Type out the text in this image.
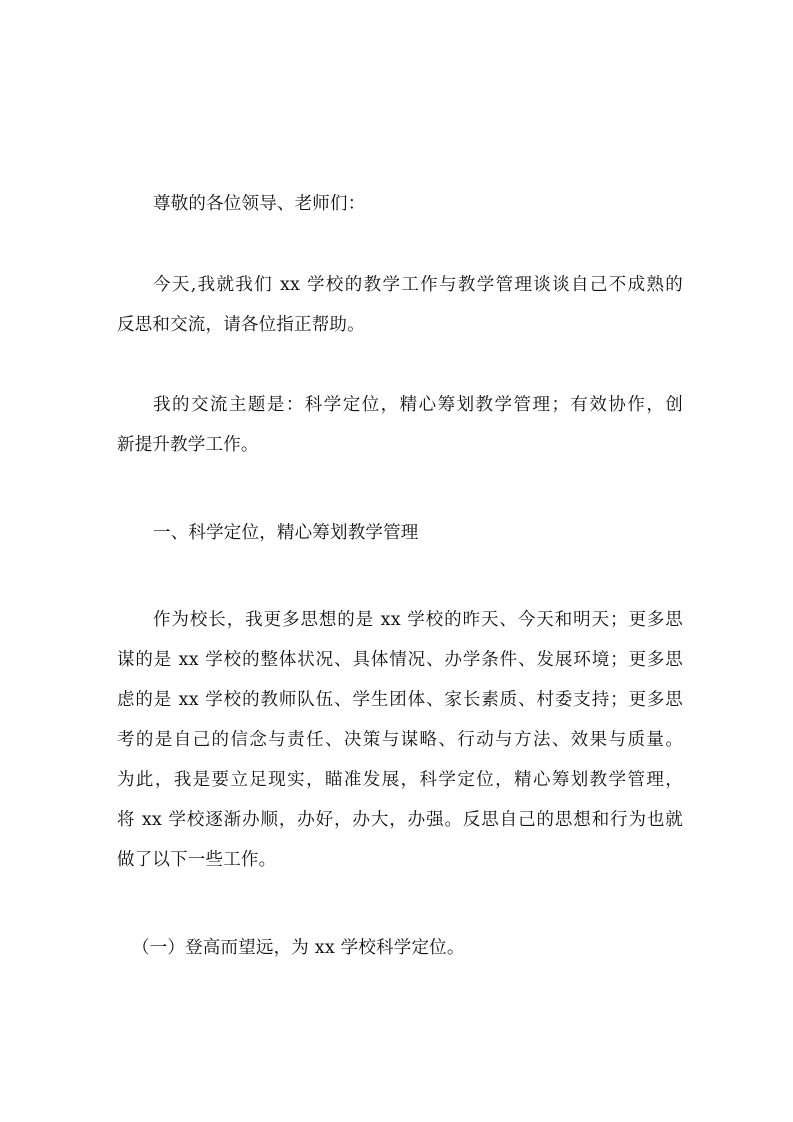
尊敬的各位领导、老师们：
今天,我就我们 xx 学校的教学工作与教学管理谈谈自己不成熟的
反思和交流，请各位指正帮助。
我的交流主题是：科学定位，精心筹划教学管理；有效协作，创
新提升教学工作。
一、科学定位，精心筹划教学管理
作为校长，我更多思想的是 xx 学校的昨天、今天和明天；更多思
谋的是 xx 学校的整体状况、具体情况、办学条件、发展环境；更多思
虑的是 xx 学校的教师队伍、学生团体、家长素质、村委支持；更多思
考的是自己的信念与责任、决策与谋略、行动与方法、效果与质量。
为此，我是要立足现实，瞄准发展，科学定位，精心筹划教学管理，
将 xx 学校逐渐办顺，办好，办大，办强。反思自己的思想和行为也就
做了以下一些工作。
（一）登高而望远，为 xx 学校科学定位。
